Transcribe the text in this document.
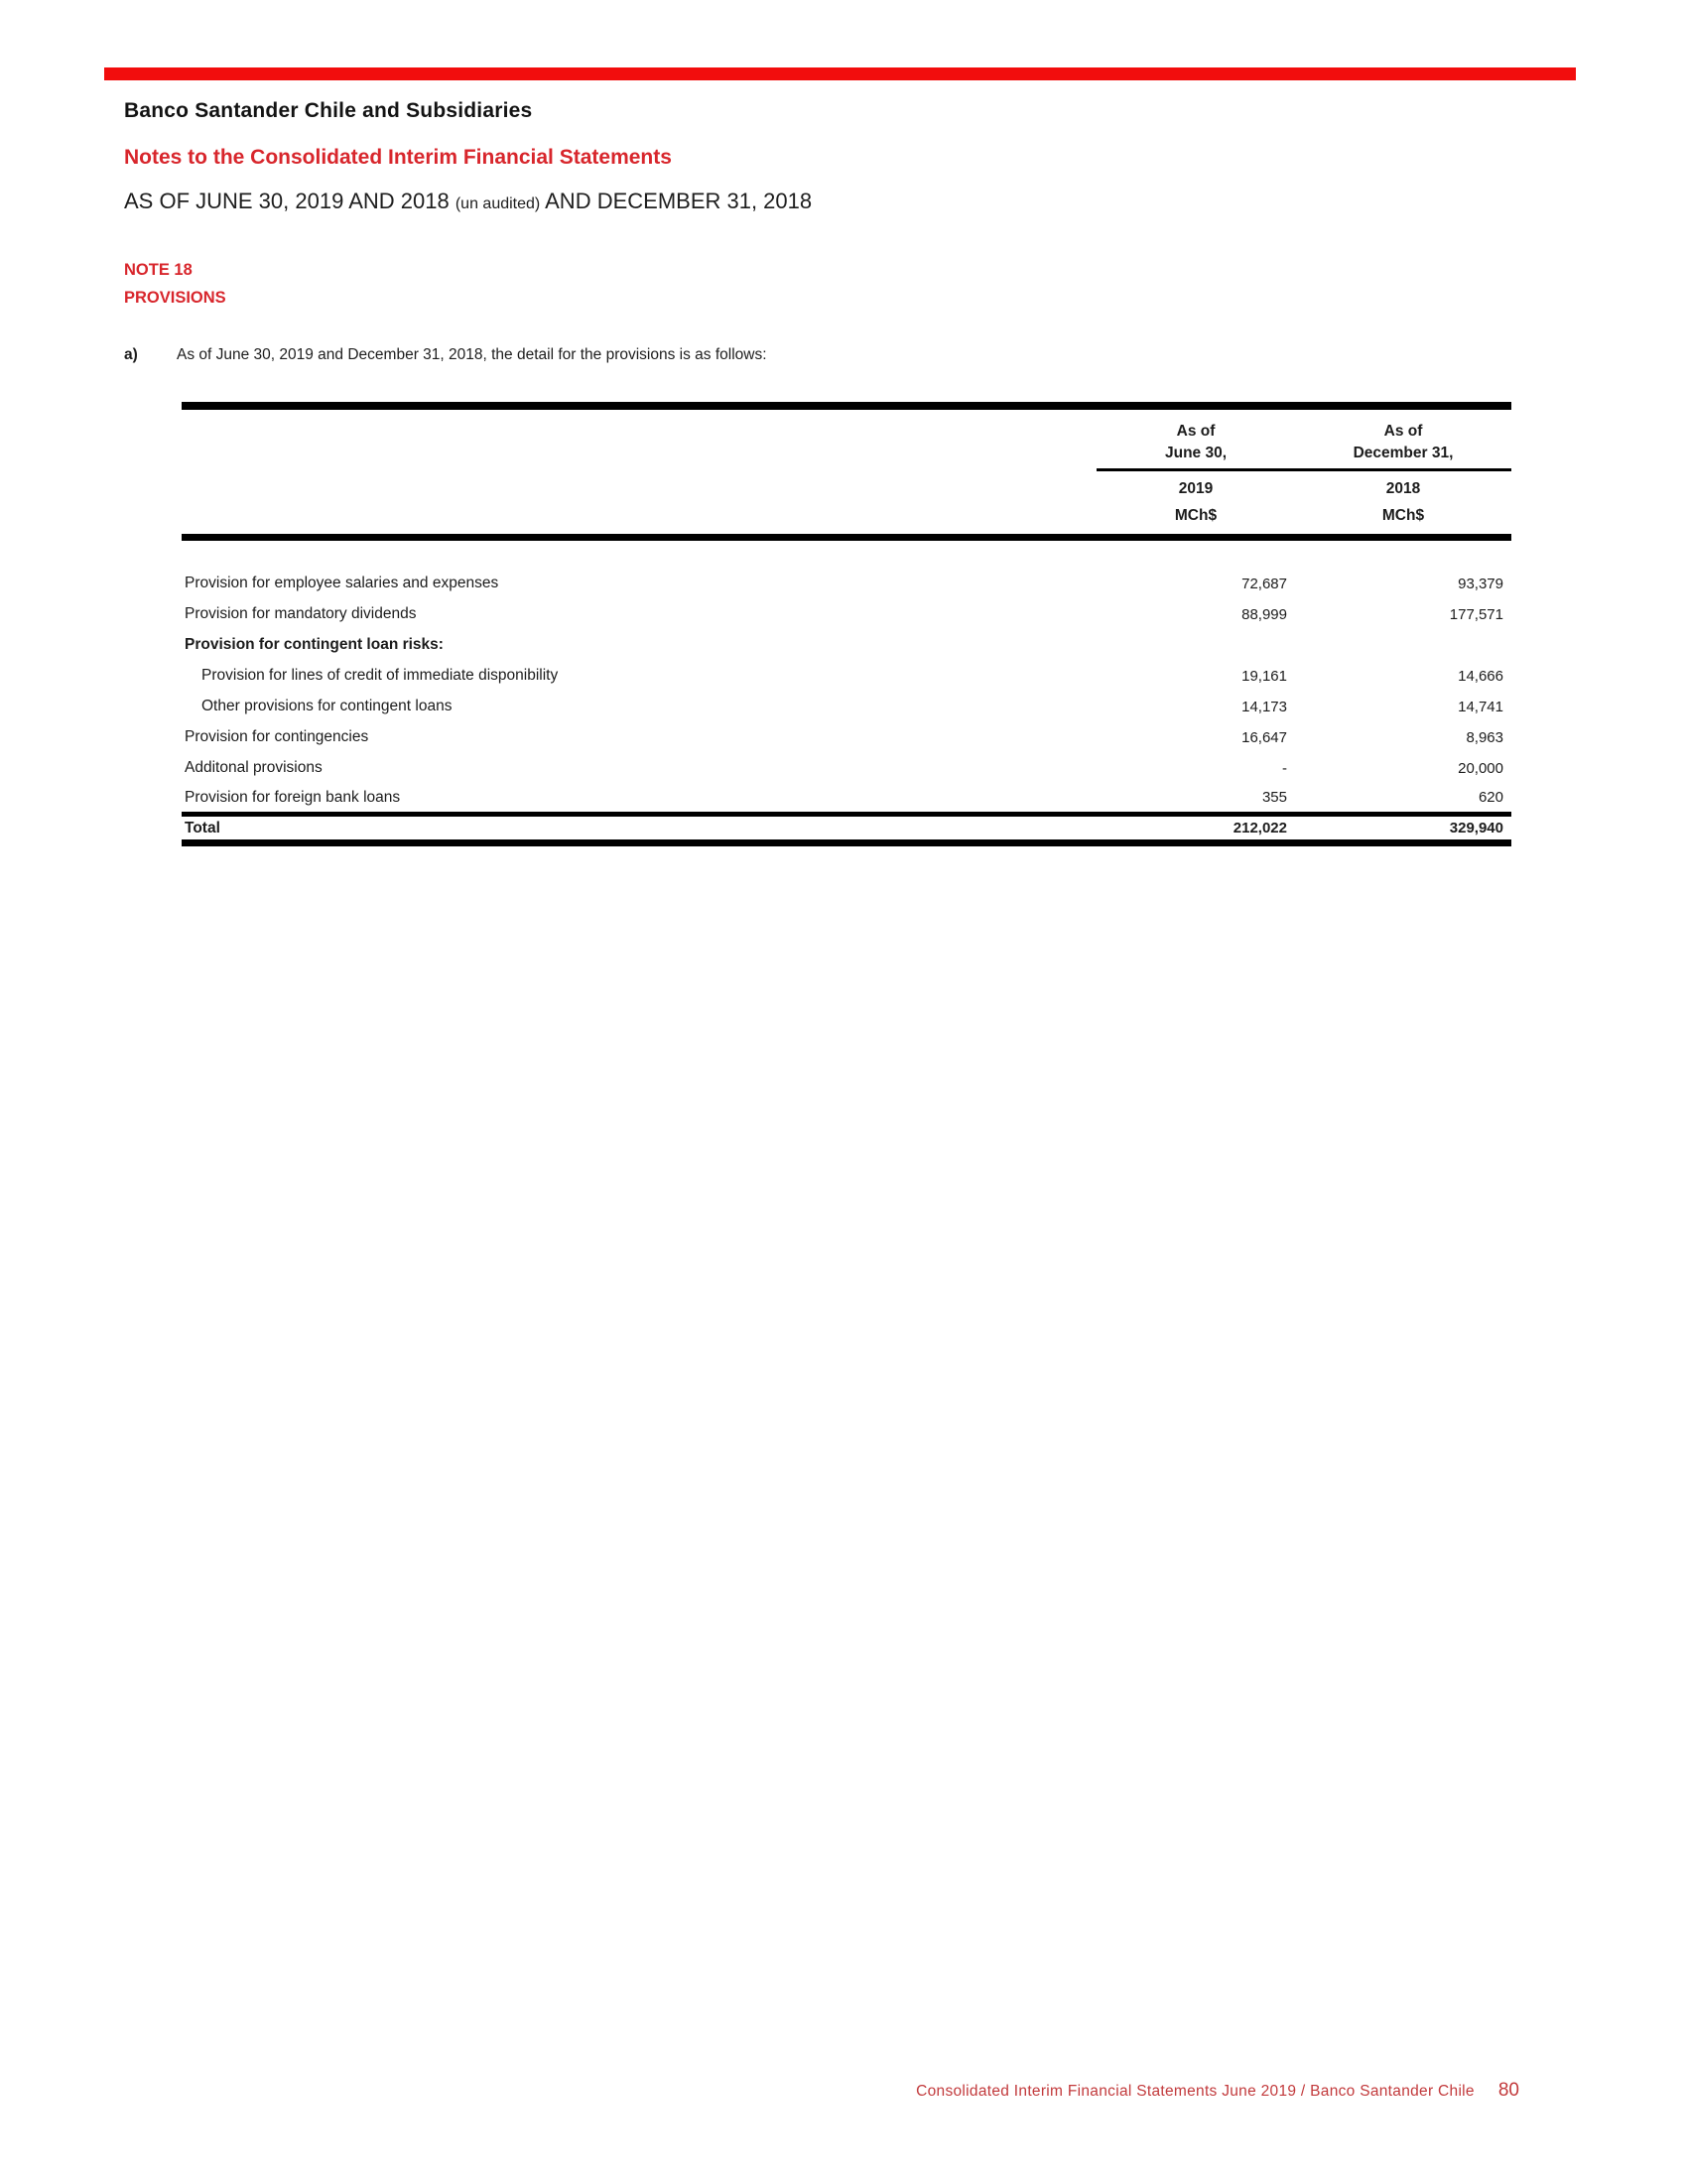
Banco Santander Chile and Subsidiaries
Notes to the Consolidated Interim Financial Statements
AS OF JUNE 30, 2019 AND 2018 (un audited) AND DECEMBER 31, 2018
NOTE 18
PROVISIONS
a)	As of June 30, 2019 and December 31, 2018, the detail for the provisions is as follows:

As of
June 30,

As of
December 31,

	2019	2018
	MCh$	MCh$

Provision for employee salaries and expenses	72,687	93,379
Provision for mandatory dividends	88,999	177,571
Provision for contingent loan risks:		
Provision for lines of credit of immediate disponibility	19,161	14,666
Other provisions for contingent loans	14,173	14,741
Provision for contingencies	16,647	8,963
Additonal provisions	-	20,000
Provision for foreign bank loans	355	620
Total	212,022	329,940
Consolidated Interim Financial Statements June 2019 / Banco Santander Chile 80
